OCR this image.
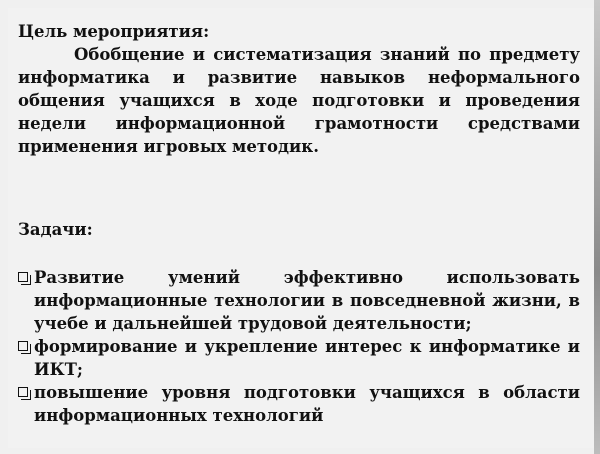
Цель мероприятия:
Обобщение и систематизация знаний по предмету информатика и развитие навыков неформального общения учащихся в ходе подготовки и проведения недели информационной грамотности средствами применения игровых методик.
Задачи:
Развитие умений эффективно использовать информационные технологии в повседневной жизни, в учебе и дальнейшей трудовой деятельности;
формирование и укрепление интерес к информатике и ИКТ;
повышение уровня подготовки учащихся в области информационных технологий
